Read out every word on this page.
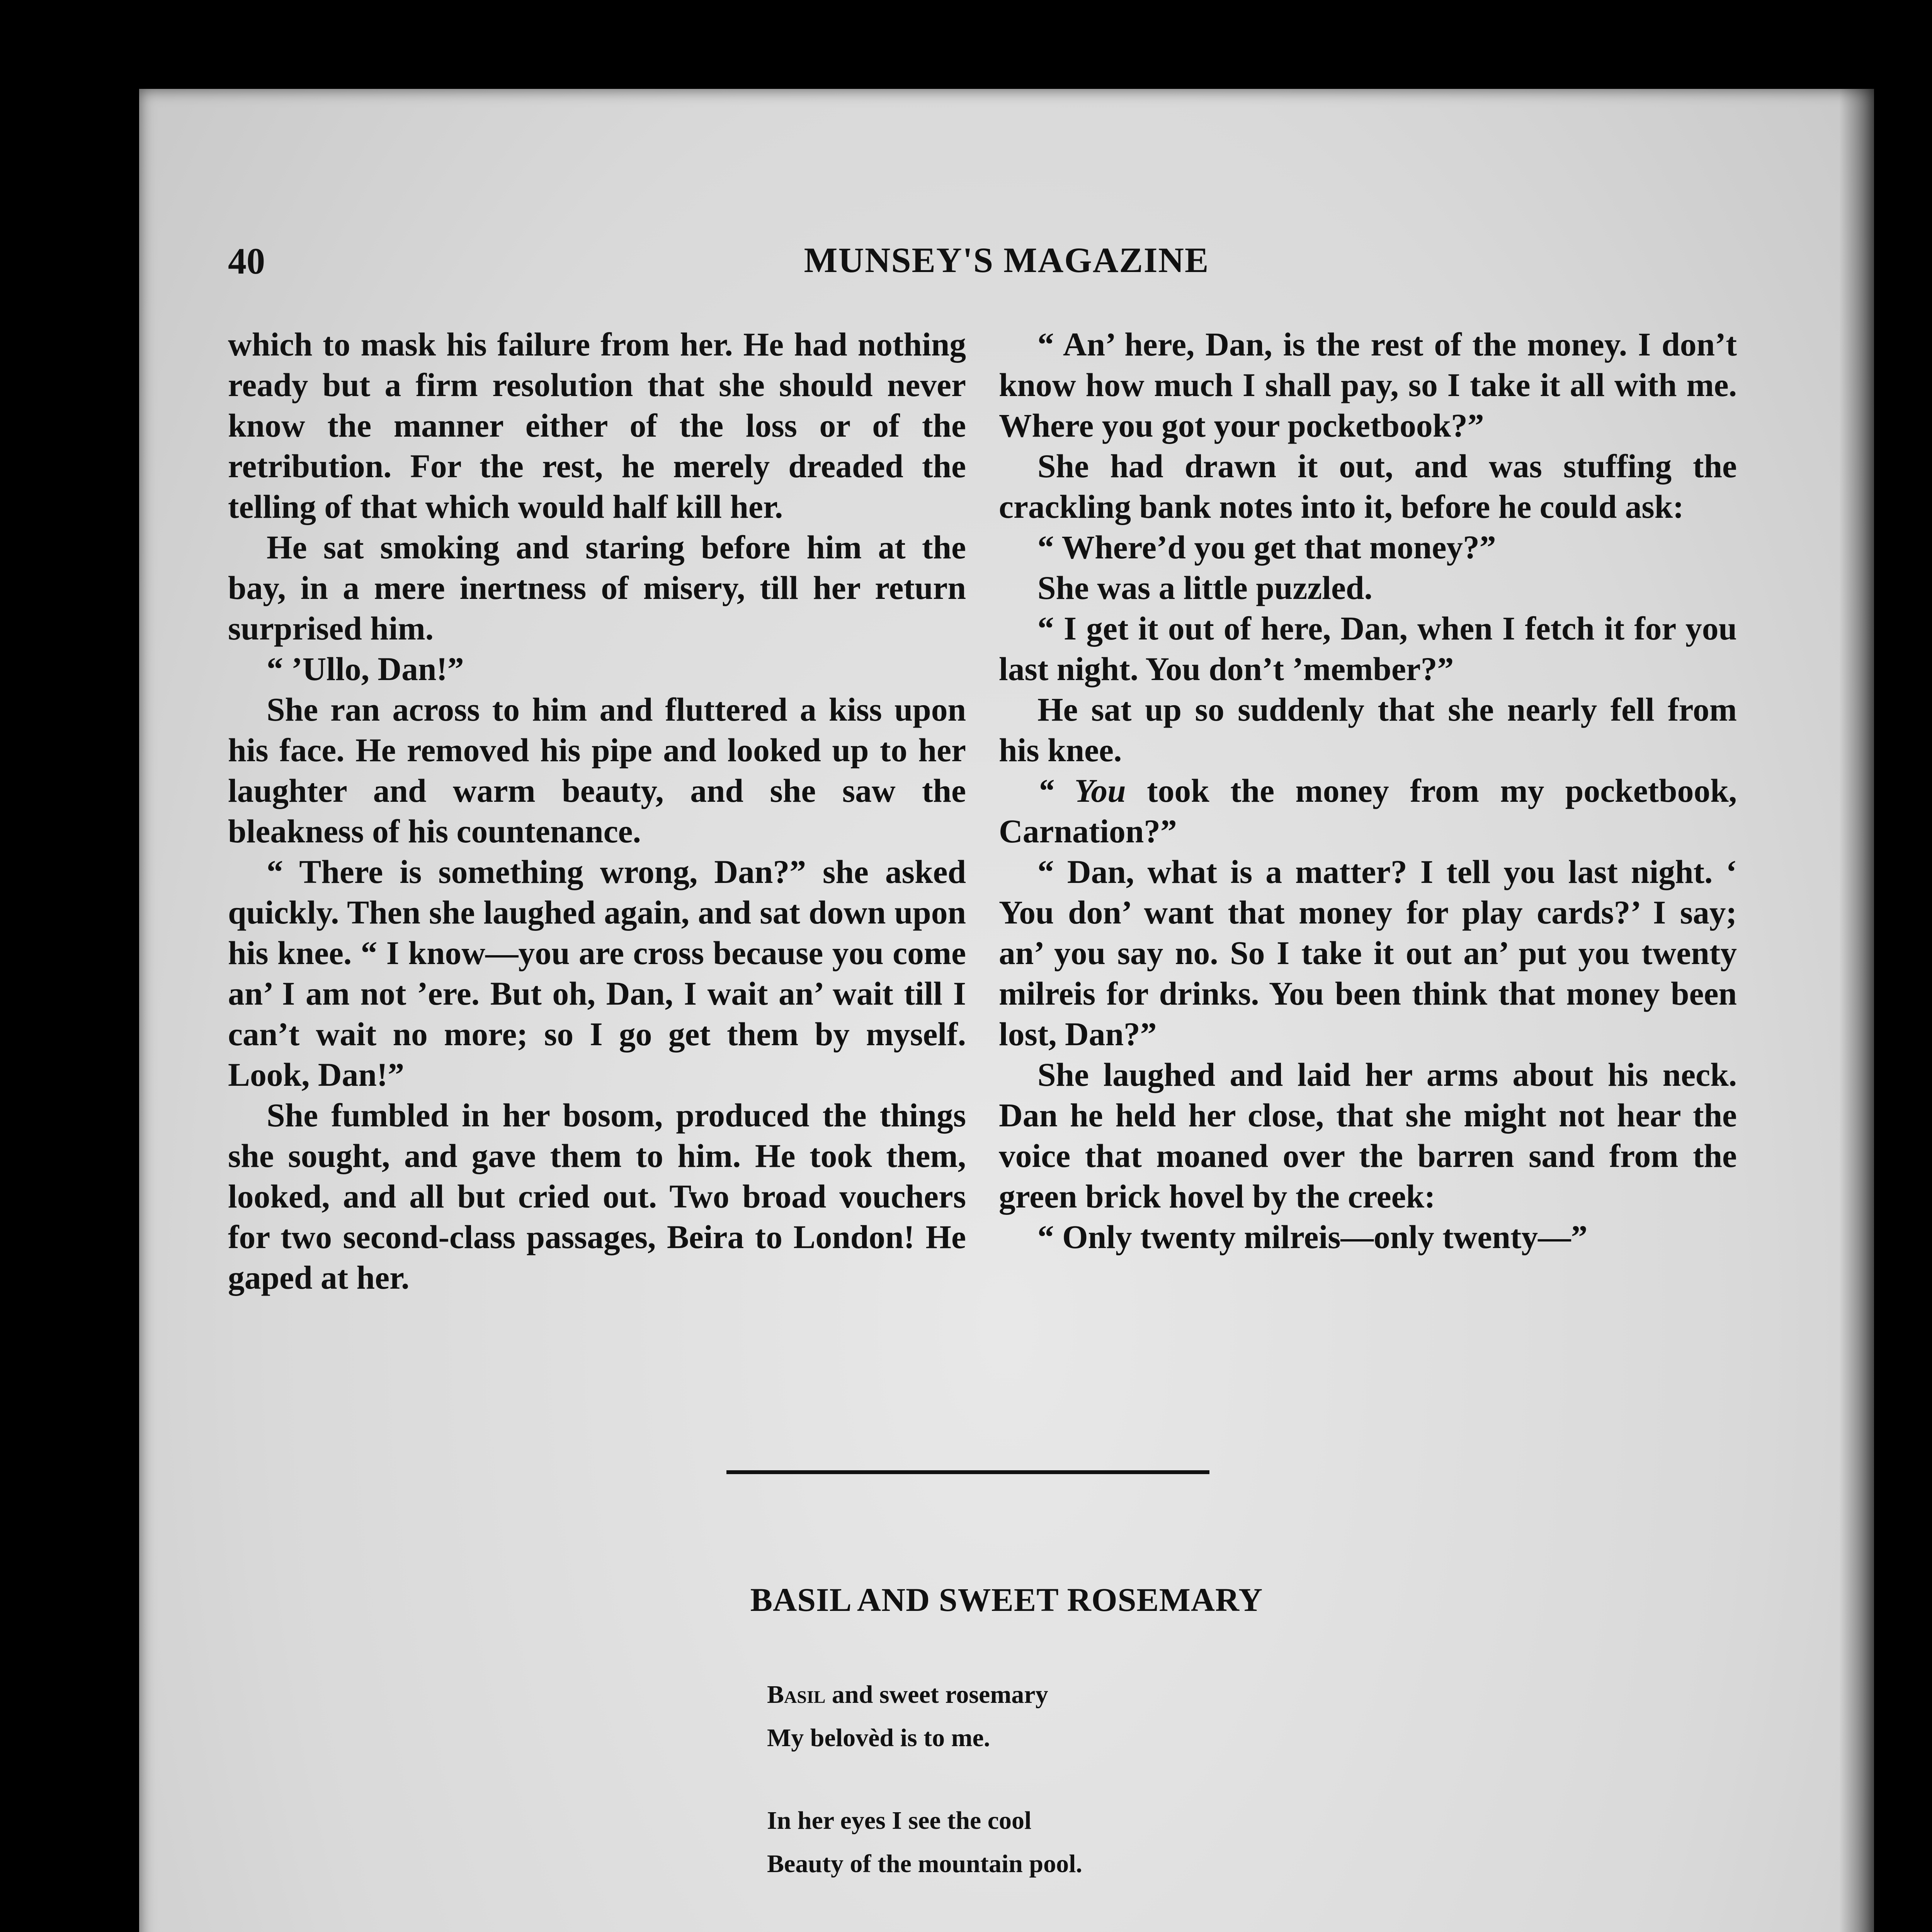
40	MUNSEY'S MAGAZINE

which to mask his failure from her. He had nothing ready but a firm resolution that she should never know the manner either of the loss or of the retribution. For the rest, he merely dreaded the telling of that which would half kill her.

He sat smoking and staring before him at the bay, in a mere inertness of misery, till her return surprised him.

“ ’Ullo, Dan!”

She ran across to him and fluttered a kiss upon his face. He removed his pipe and looked up to her laughter and warm beauty, and she saw the bleakness of his countenance.

“ There is something wrong, Dan?” she asked quickly. Then she laughed again, and sat down upon his knee. “ I know—you are cross because you come an’ I am not ’ere. But oh, Dan, I wait an’ wait till I can’t wait no more; so I go get them by myself. Look, Dan!”

She fumbled in her bosom, produced the things she sought, and gave them to him. He took them, looked, and all but cried out. Two broad vouchers for two second-class passages, Beira to London! He gaped at her.

“ An’ here, Dan, is the rest of the money. I don’t know how much I shall pay, so I take it all with me. Where you got your pocketbook?”

She had drawn it out, and was stuffing the crackling bank notes into it, before he could ask:

“ Where’d you get that money?”

She was a little puzzled.

“ I get it out of here, Dan, when I fetch it for you last night. You don’t ’member?”

He sat up so suddenly that she nearly fell from his knee.

“ You took the money from my pocketbook, Carnation?”

“ Dan, what is a matter? I tell you last night. ‘ You don’ want that money for play cards?’ I say; an’ you say no. So I take it out an’ put you twenty milreis for drinks. You been think that money been lost, Dan?”

She laughed and laid her arms about his neck. Dan he held her close, that she might not hear the voice that moaned over the barren sand from the green brick hovel by the creek:

“ Only twenty milreis—only twenty—”

BASIL AND SWEET ROSEMARY
Basil and sweet rosemary
My belovèd is to me.
In her eyes I see the cool
Beauty of the mountain pool.
